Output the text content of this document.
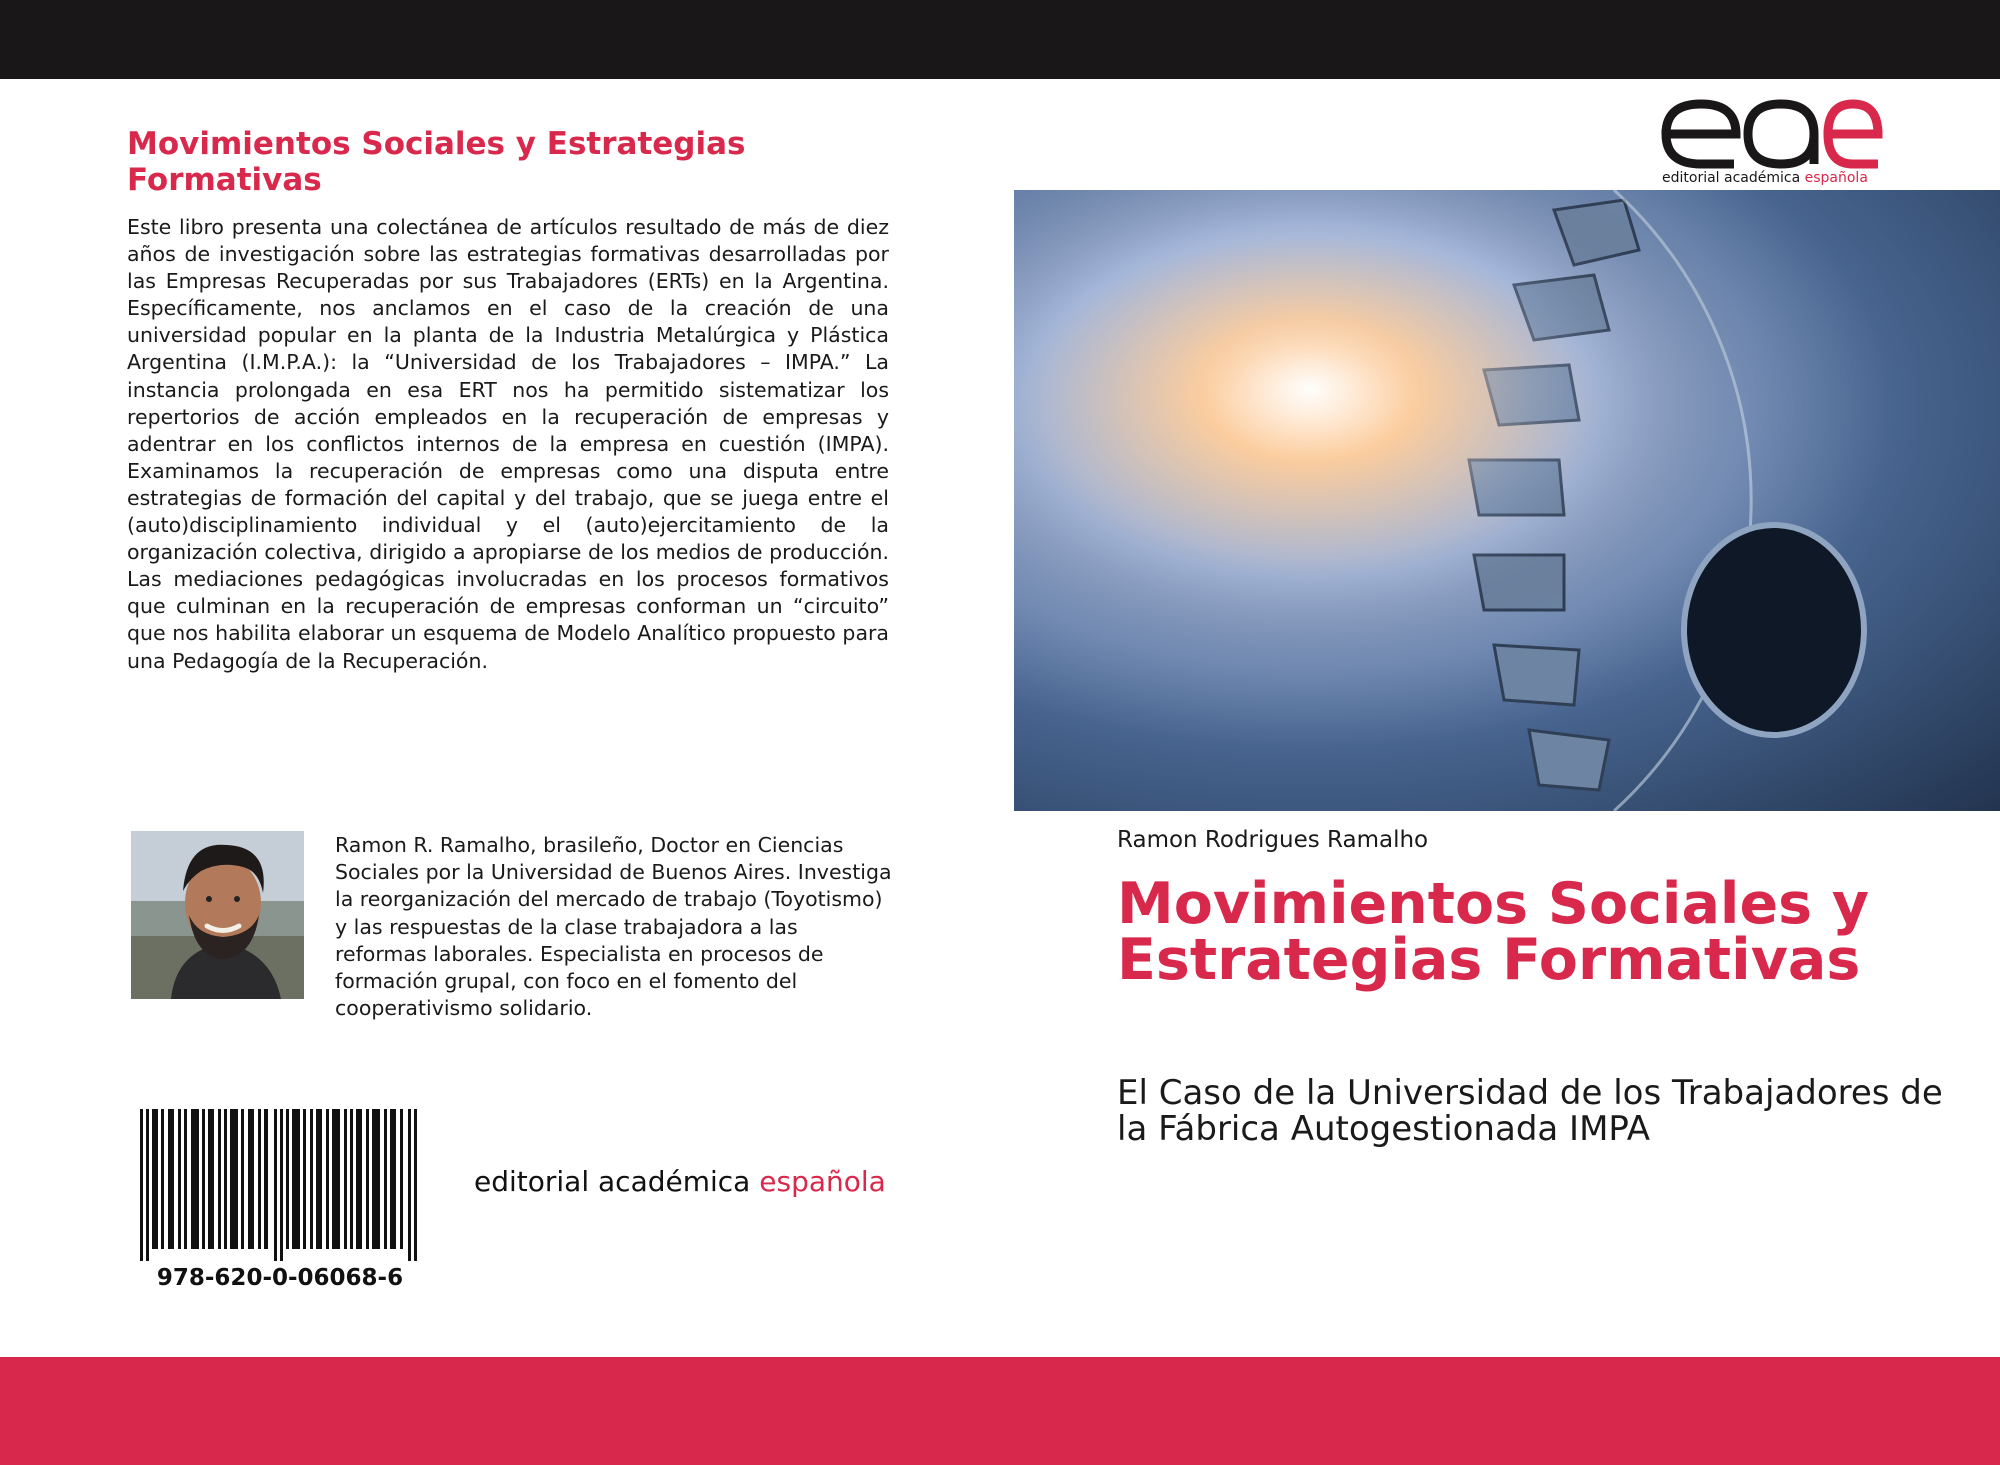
Movimientos Sociales y Estrategias Formativas

Este libro presenta una colectánea de artículos resultado de más de diez años de investigación sobre las estrategias formativas desarrolladas por las Empresas Recuperadas por sus Trabajadores (ERTs) en la Argentina. Específicamente, nos anclamos en el caso de la creación de una universidad popular en la planta de la Industria Metalúrgica y Plástica Argentina (I.M.P.A.): la “Universidad de los Trabajadores – IMPA.” La instancia prolongada en esa ERT nos ha permitido sistematizar los repertorios de acción empleados en la recuperación de empresas y adentrar en los conflictos internos de la empresa en cuestión (IMPA). Examinamos la recuperación de empresas como una disputa entre estrategias de formación del capital y del trabajo, que se juega entre el (auto)disciplinamiento individual y el (auto)ejercitamiento de la organización colectiva, dirigido a apropiarse de los medios de producción. Las mediaciones pedagógicas involucradas en los procesos formativos que culminan en la recuperación de empresas conforman un “circuito” que nos habilita elaborar un esquema de Modelo Analítico propuesto para una Pedagogía de la Recuperación.

Ramon R. Ramalho, brasileño, Doctor en Ciencias Sociales por la Universidad de Buenos Aires. Investiga la reorganización del mercado de trabajo (Toyotismo) y las respuestas de la clase trabajadora a las reformas laborales. Especialista en procesos de formación grupal, con foco en el fomento del cooperativismo solidario.

978-620-0-06068-6
editorial académica española
editorial académica española
Ramon Rodrigues Ramalho
Movimientos Sociales y Estrategias Formativas

El Caso de la Universidad de los Trabajadores de la Fábrica Autogestionada IMPA
